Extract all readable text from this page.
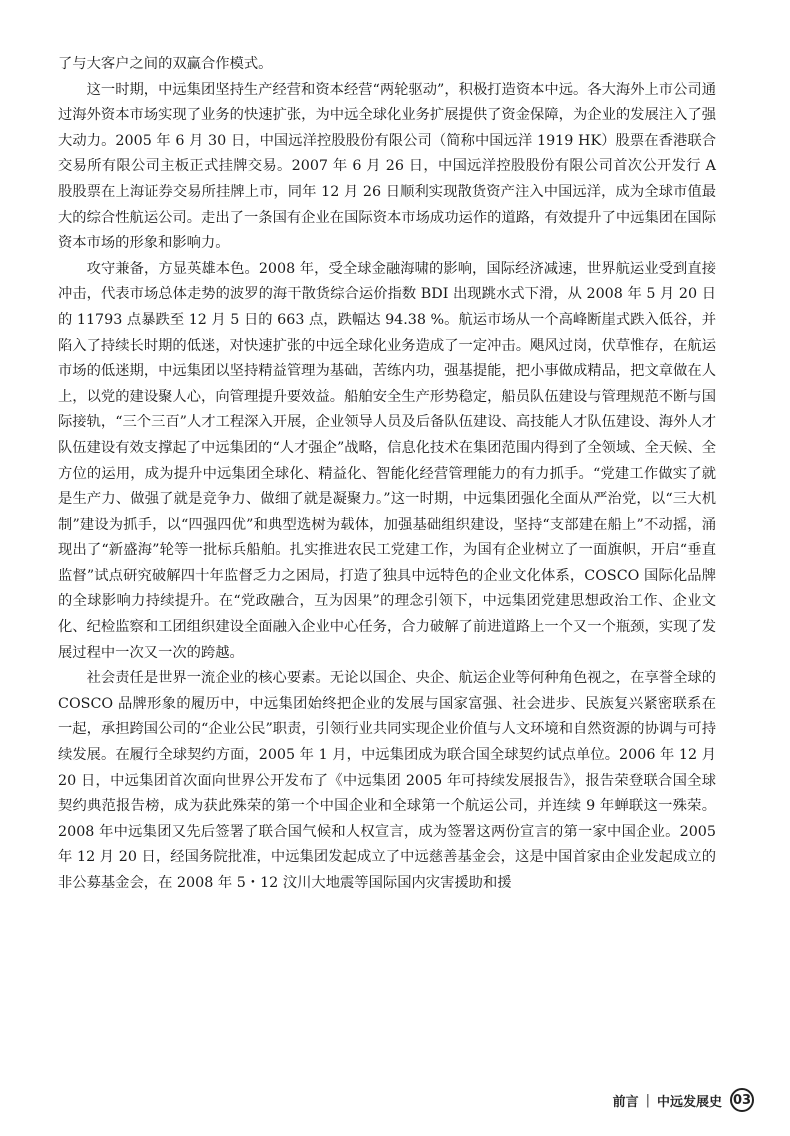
了与大客户之间的双赢合作模式。

这一时期，中远集团坚持生产经营和资本经营“两轮驱动”，积极打造资本中远。各大海外上市公司通过海外资本市场实现了业务的快速扩张，为中远全球化业务扩展提供了资金保障，为企业的发展注入了强大动力。2005 年 6 月 30 日，中国远洋控股股份有限公司（简称中国远洋 1919 HK）股票在香港联合交易所有限公司主板正式挂牌交易。2007 年 6 月 26 日，中国远洋控股股份有限公司首次公开发行 A 股股票在上海证券交易所挂牌上市，同年 12 月 26 日顺利实现散货资产注入中国远洋，成为全球市值最大的综合性航运公司。走出了一条国有企业在国际资本市场成功运作的道路，有效提升了中远集团在国际资本市场的形象和影响力。

攻守兼备，方显英雄本色。2008 年，受全球金融海啸的影响，国际经济减速，世界航运业受到直接冲击，代表市场总体走势的波罗的海干散货综合运价指数 BDI 出现跳水式下滑，从 2008 年 5 月 20 日的 11793 点暴跌至 12 月 5 日的 663 点，跌幅达 94.38 %。航运市场从一个高峰断崖式跌入低谷，并陷入了持续长时期的低迷，对快速扩张的中远全球化业务造成了一定冲击。飓风过岗，伏草惟存，在航运市场的低迷期，中远集团以坚持精益管理为基础，苦练内功，强基提能，把小事做成精品，把文章做在人上，以党的建设聚人心，向管理提升要效益。船舶安全生产形势稳定，船员队伍建设与管理规范不断与国际接轨，“三个三百”人才工程深入开展，企业领导人员及后备队伍建设、高技能人才队伍建设、海外人才队伍建设有效支撑起了中远集团的“人才强企”战略，信息化技术在集团范围内得到了全领域、全天候、全方位的运用，成为提升中远集团全球化、精益化、智能化经营管理能力的有力抓手。“党建工作做实了就是生产力、做强了就是竞争力、做细了就是凝聚力。”这一时期，中远集团强化全面从严治党，以“三大机制”建设为抓手，以“四强四优”和典型选树为载体，加强基础组织建设，坚持“支部建在船上”不动摇，涌现出了“新盛海”轮等一批标兵船舶。扎实推进农民工党建工作，为国有企业树立了一面旗帜，开启“垂直监督”试点研究破解四十年监督乏力之困局，打造了独具中远特色的企业文化体系，COSCO 国际化品牌的全球影响力持续提升。在“党政融合，互为因果”的理念引领下，中远集团党建思想政治工作、企业文化、纪检监察和工团组织建设全面融入企业中心任务，合力破解了前进道路上一个又一个瓶颈，实现了发展过程中一次又一次的跨越。

社会责任是世界一流企业的核心要素。无论以国企、央企、航运企业等何种角色视之，在享誉全球的 COSCO 品牌形象的履历中，中远集团始终把企业的发展与国家富强、社会进步、民族复兴紧密联系在一起，承担跨国公司的“企业公民”职责，引领行业共同实现企业价值与人文环境和自然资源的协调与可持续发展。在履行全球契约方面，2005 年 1 月，中远集团成为联合国全球契约试点单位。2006 年 12 月 20 日，中远集团首次面向世界公开发布了《中远集团 2005 年可持续发展报告》，报告荣登联合国全球契约典范报告榜，成为获此殊荣的第一个中国企业和全球第一个航运公司，并连续 9 年蝉联这一殊荣。2008 年中远集团又先后签署了联合国气候和人权宣言，成为签署这两份宣言的第一家中国企业。2005 年 12 月 20 日，经国务院批准，中远集团发起成立了中远慈善基金会，这是中国首家由企业发起成立的非公募基金会，在 2008 年 5・12 汶川大地震等国际国内灾害援助和援

前言 | 中远发展史 03
